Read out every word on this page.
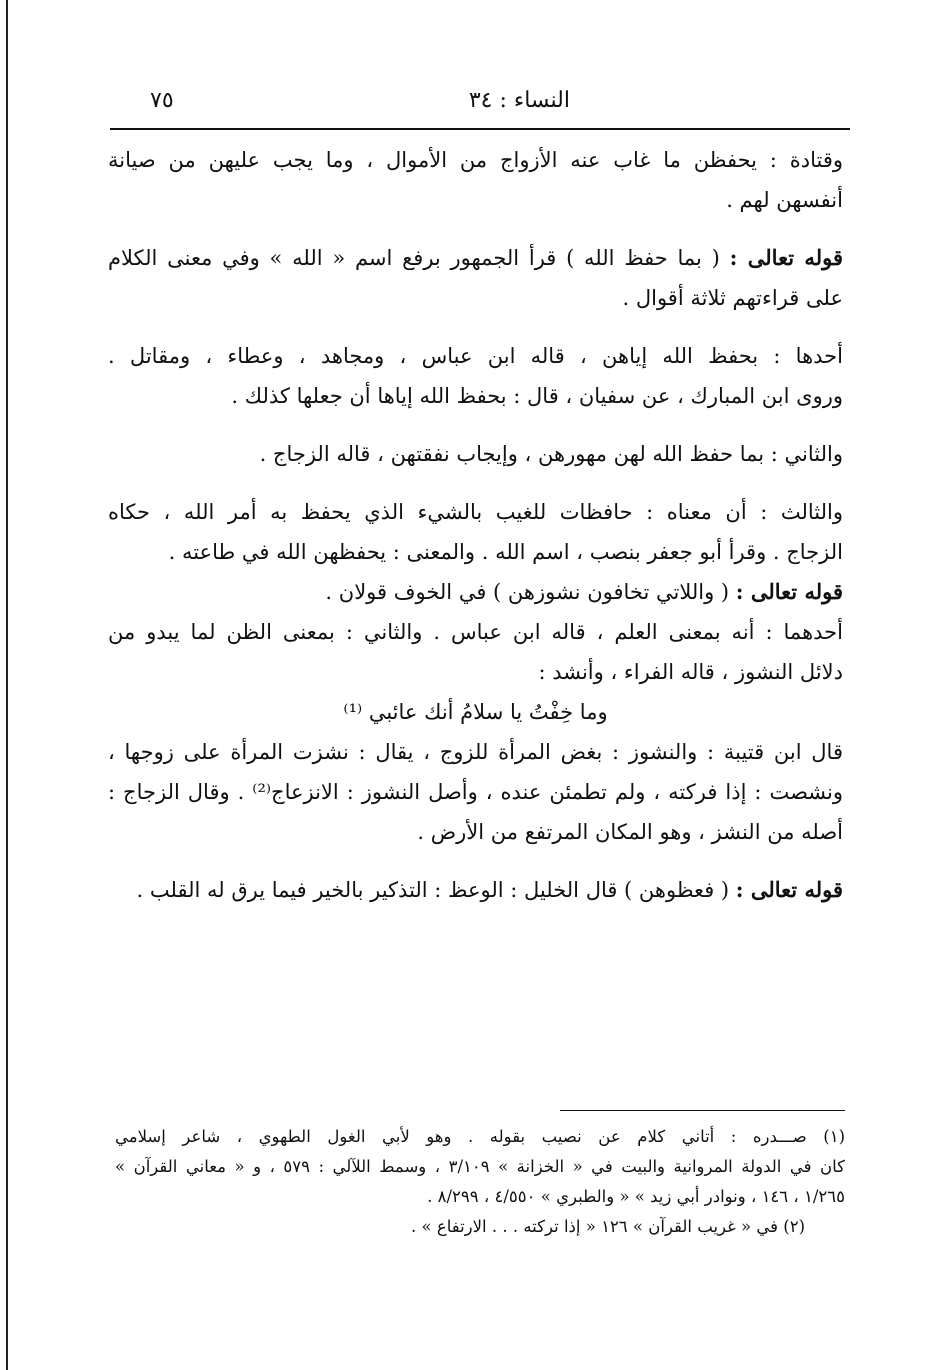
النساء : ٣٤
٧٥
وقتادة : يحفظن ما غاب عنه الأزواج من الأموال ، وما يجب عليهن من صيانة
أنفسهن لهم .
قوله تعالى : ( بما حفظ الله ) قرأ الجمهور برفع اسم « الله » وفي معنى الكلام
على قراءتهم ثلاثة أقوال .
أحدها : بحفظ الله إياهن ، قاله ابن عباس ، ومجاهد ، وعطاء ، ومقاتل .
وروى ابن المبارك ، عن سفيان ، قال : بحفظ الله إياها أن جعلها كذلك .
والثاني : بما حفظ الله لهن مهورهن ، وإيجاب نفقتهن ، قاله الزجاج .
والثالث : أن معناه : حافظات للغيب بالشيء الذي يحفظ به أمر الله ، حكاه
الزجاج . وقرأ أبو جعفر بنصب ، اسم الله . والمعنى : يحفظهن الله في طاعته .
قوله تعالى : ( واللاتي تخافون نشوزهن ) في الخوف قولان .
أحدهما : أنه بمعنى العلم ، قاله ابن عباس . والثاني : بمعنى الظن لما يبدو من
دلائل النشوز ، قاله الفراء ، وأنشد :
وما خِفْتُ يا سلامُ أنك عائبي ⁽¹⁾
قال ابن قتيبة : والنشوز : بغض المرأة للزوج ، يقال : نشزت المرأة على زوجها ،
ونشصت : إذا فركته ، ولم تطمئن عنده ، وأصل النشوز : الانزعاج⁽²⁾ . وقال الزجاج :
أصله من النشز ، وهو المكان المرتفع من الأرض .
قوله تعالى : ( فعظوهن ) قال الخليل : الوعظ : التذكير بالخير فيما يرق له القلب .
(١) صـــدره : أتاني كلام عن نصيب بقوله . وهو لأبي الغول الطهوي ، شاعر إسلامي
كان في الدولة المروانية والبيت في « الخزانة » ٣/١٠٩ ، وسمط اللآلي : ٥٧٩ ، و « معاني القرآن »
١/٢٦٥ ، ١٤٦ ، ونوادر أبي زيد » « والطبري » ٤/٥٥٠ ، ٨/٢٩٩ .
(٢) في « غريب القرآن » ١٢٦ « إذا تركته . . . الارتفاع » .
